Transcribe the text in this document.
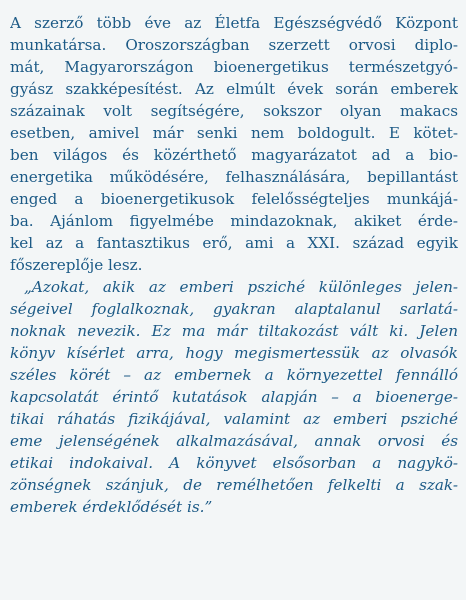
A szerző több éve az Életfa Egészségvédő Központ
munkatársa. Oroszországban szerzett orvosi diplo-
mát, Magyarországon bioenergetikus természetgyó-
gyász szakképesítést. Az elmúlt évek során emberek
százainak volt segítségére, sokszor olyan makacs
esetben, amivel már senki nem boldogult. E kötet-
ben világos és közérthető magyarázatot ad a bio-
energetika működésére, felhasználására, bepillantást
enged a bioenergetikusok felelősségteljes munkájá-
ba. Ajánlom figyelmébe mindazoknak, akiket érde-
kel az a fantasztikus erő, ami a XXI. század egyik
főszereplője lesz.
„Azokat, akik az emberi psziché különleges jelen-
ségeivel foglalkoznak, gyakran alaptalanul sarlatá-
noknak nevezik. Ez ma már tiltakozást vált ki. Jelen
könyv kísérlet arra, hogy megismertessük az olvasók
széles körét – az embernek a környezettel fennálló
kapcsolatát érintő kutatások alapján – a bioenerge-
tikai ráhatás fizikájával, valamint az emberi psziché
eme jelenségének alkalmazásával, annak orvosi és
etikai indokaival. A könyvet elsősorban a nagykö-
zönségnek szánjuk, de remélhetően felkelti a szak-
emberek érdeklődését is.”
